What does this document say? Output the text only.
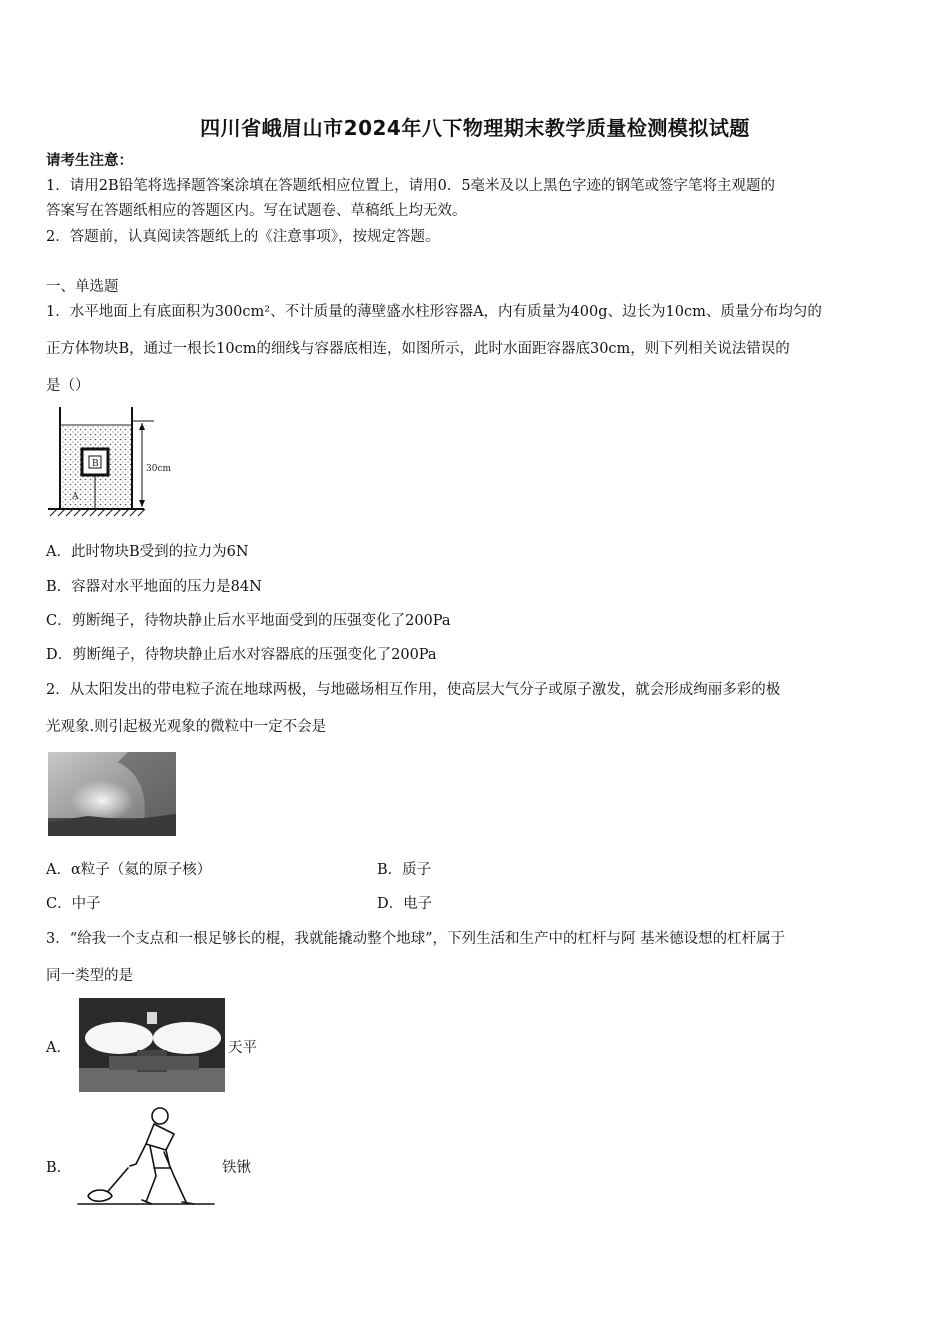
四川省峨眉山市2024年八下物理期末教学质量检测模拟试题
请考生注意：
1．请用2B铅笔将选择题答案涂填在答题纸相应位置上，请用0．5毫米及以上黑色字迹的钢笔或签字笔将主观题的
答案写在答题纸相应的答题区内。写在试题卷、草稿纸上均无效。
2．答题前，认真阅读答题纸上的《注意事项》，按规定答题。
一、单选题
1．水平地面上有底面积为300cm²、不计质量的薄壁盛水柱形容器A，内有质量为400g、边长为10cm、质量分布均匀的
正方体物块B，通过一根长10cm的细线与容器底相连，如图所示，此时水面距容器底30cm，则下列相关说法错误的
是（）
B
A
30cm
A．此时物块B受到的拉力为6N
B．容器对水平地面的压力是84N
C．剪断绳子，待物块静止后水平地面受到的压强变化了200Pa
D．剪断绳子，待物块静止后水对容器底的压强变化了200Pa
2．从太阳发出的带电粒子流在地球两极，与地磁场相互作用，使高层大气分子或原子激发，就会形成绚丽多彩的极
光观象.则引起极光观象的微粒中一定不会是
A．α粒子（氦的原子核）	B．质子
C．中子	D．电子
3．“给我一个支点和一根足够长的棍，我就能撬动整个地球”，下列生活和生产中的杠杆与阿 基米德设想的杠杆属于
同一类型的是
A．	天平
B．	铁锹
